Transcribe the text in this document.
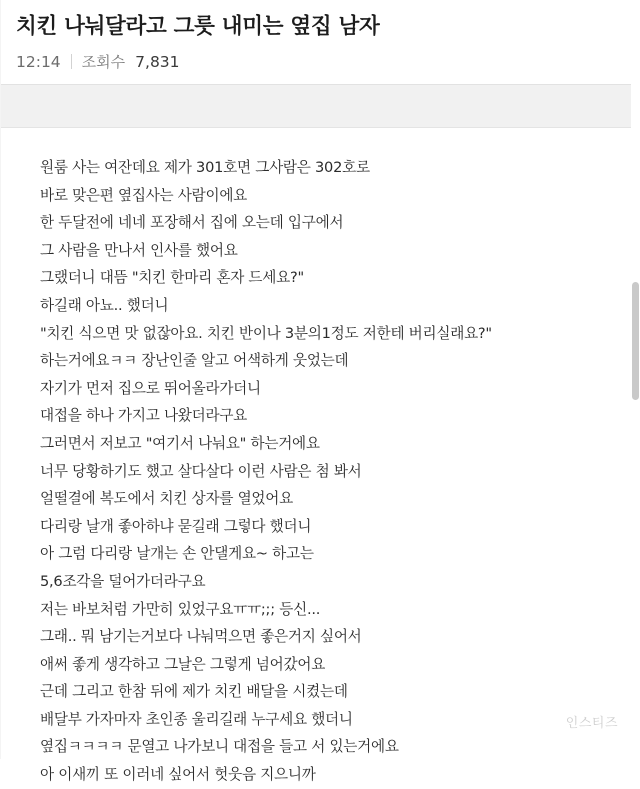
치킨 나눠달라고 그릇 내미는 옆집 남자
12:14 조회수 7,831
원룸 사는 여잔데요 제가 301호면 그사람은 302호로
바로 맞은편 옆집사는 사람이에요
한 두달전에 네네 포장해서 집에 오는데 입구에서
그 사람을 만나서 인사를 했어요
그랬더니 대뜸 "치킨 한마리 혼자 드세요?"
하길래 아뇨.. 했더니
"치킨 식으면 맛 없잖아요. 치킨 반이나 3분의1정도 저한테 버리실래요?"
하는거에요ㅋㅋ 장난인줄 알고 어색하게 웃었는데
자기가 먼저 집으로 뛰어올라가더니
대접을 하나 가지고 나왔더라구요
그러면서 저보고 "여기서 나눠요" 하는거에요
너무 당황하기도 했고 살다살다 이런 사람은 첨 봐서
얼떨결에 복도에서 치킨 상자를 열었어요
다리랑 날개 좋아하냐 묻길래 그렇다 했더니
아 그럼 다리랑 날개는 손 안댈게요~ 하고는
5,6조각을 덜어가더라구요
저는 바보처럼 가만히 있었구요ㅠㅠ;;; 등신...
그래.. 뭐 남기는거보다 나눠먹으면 좋은거지 싶어서
애써 좋게 생각하고 그날은 그렇게 넘어갔어요
근데 그리고 한참 뒤에 제가 치킨 배달을 시켰는데
배달부 가자마자 초인종 울리길래 누구세요 했더니
옆집ㅋㅋㅋㅋ 문열고 나가보니 대접을 들고 서 있는거에요
아 이새끼 또 이러네 싶어서 헛웃음 지으니까
인스티즈
